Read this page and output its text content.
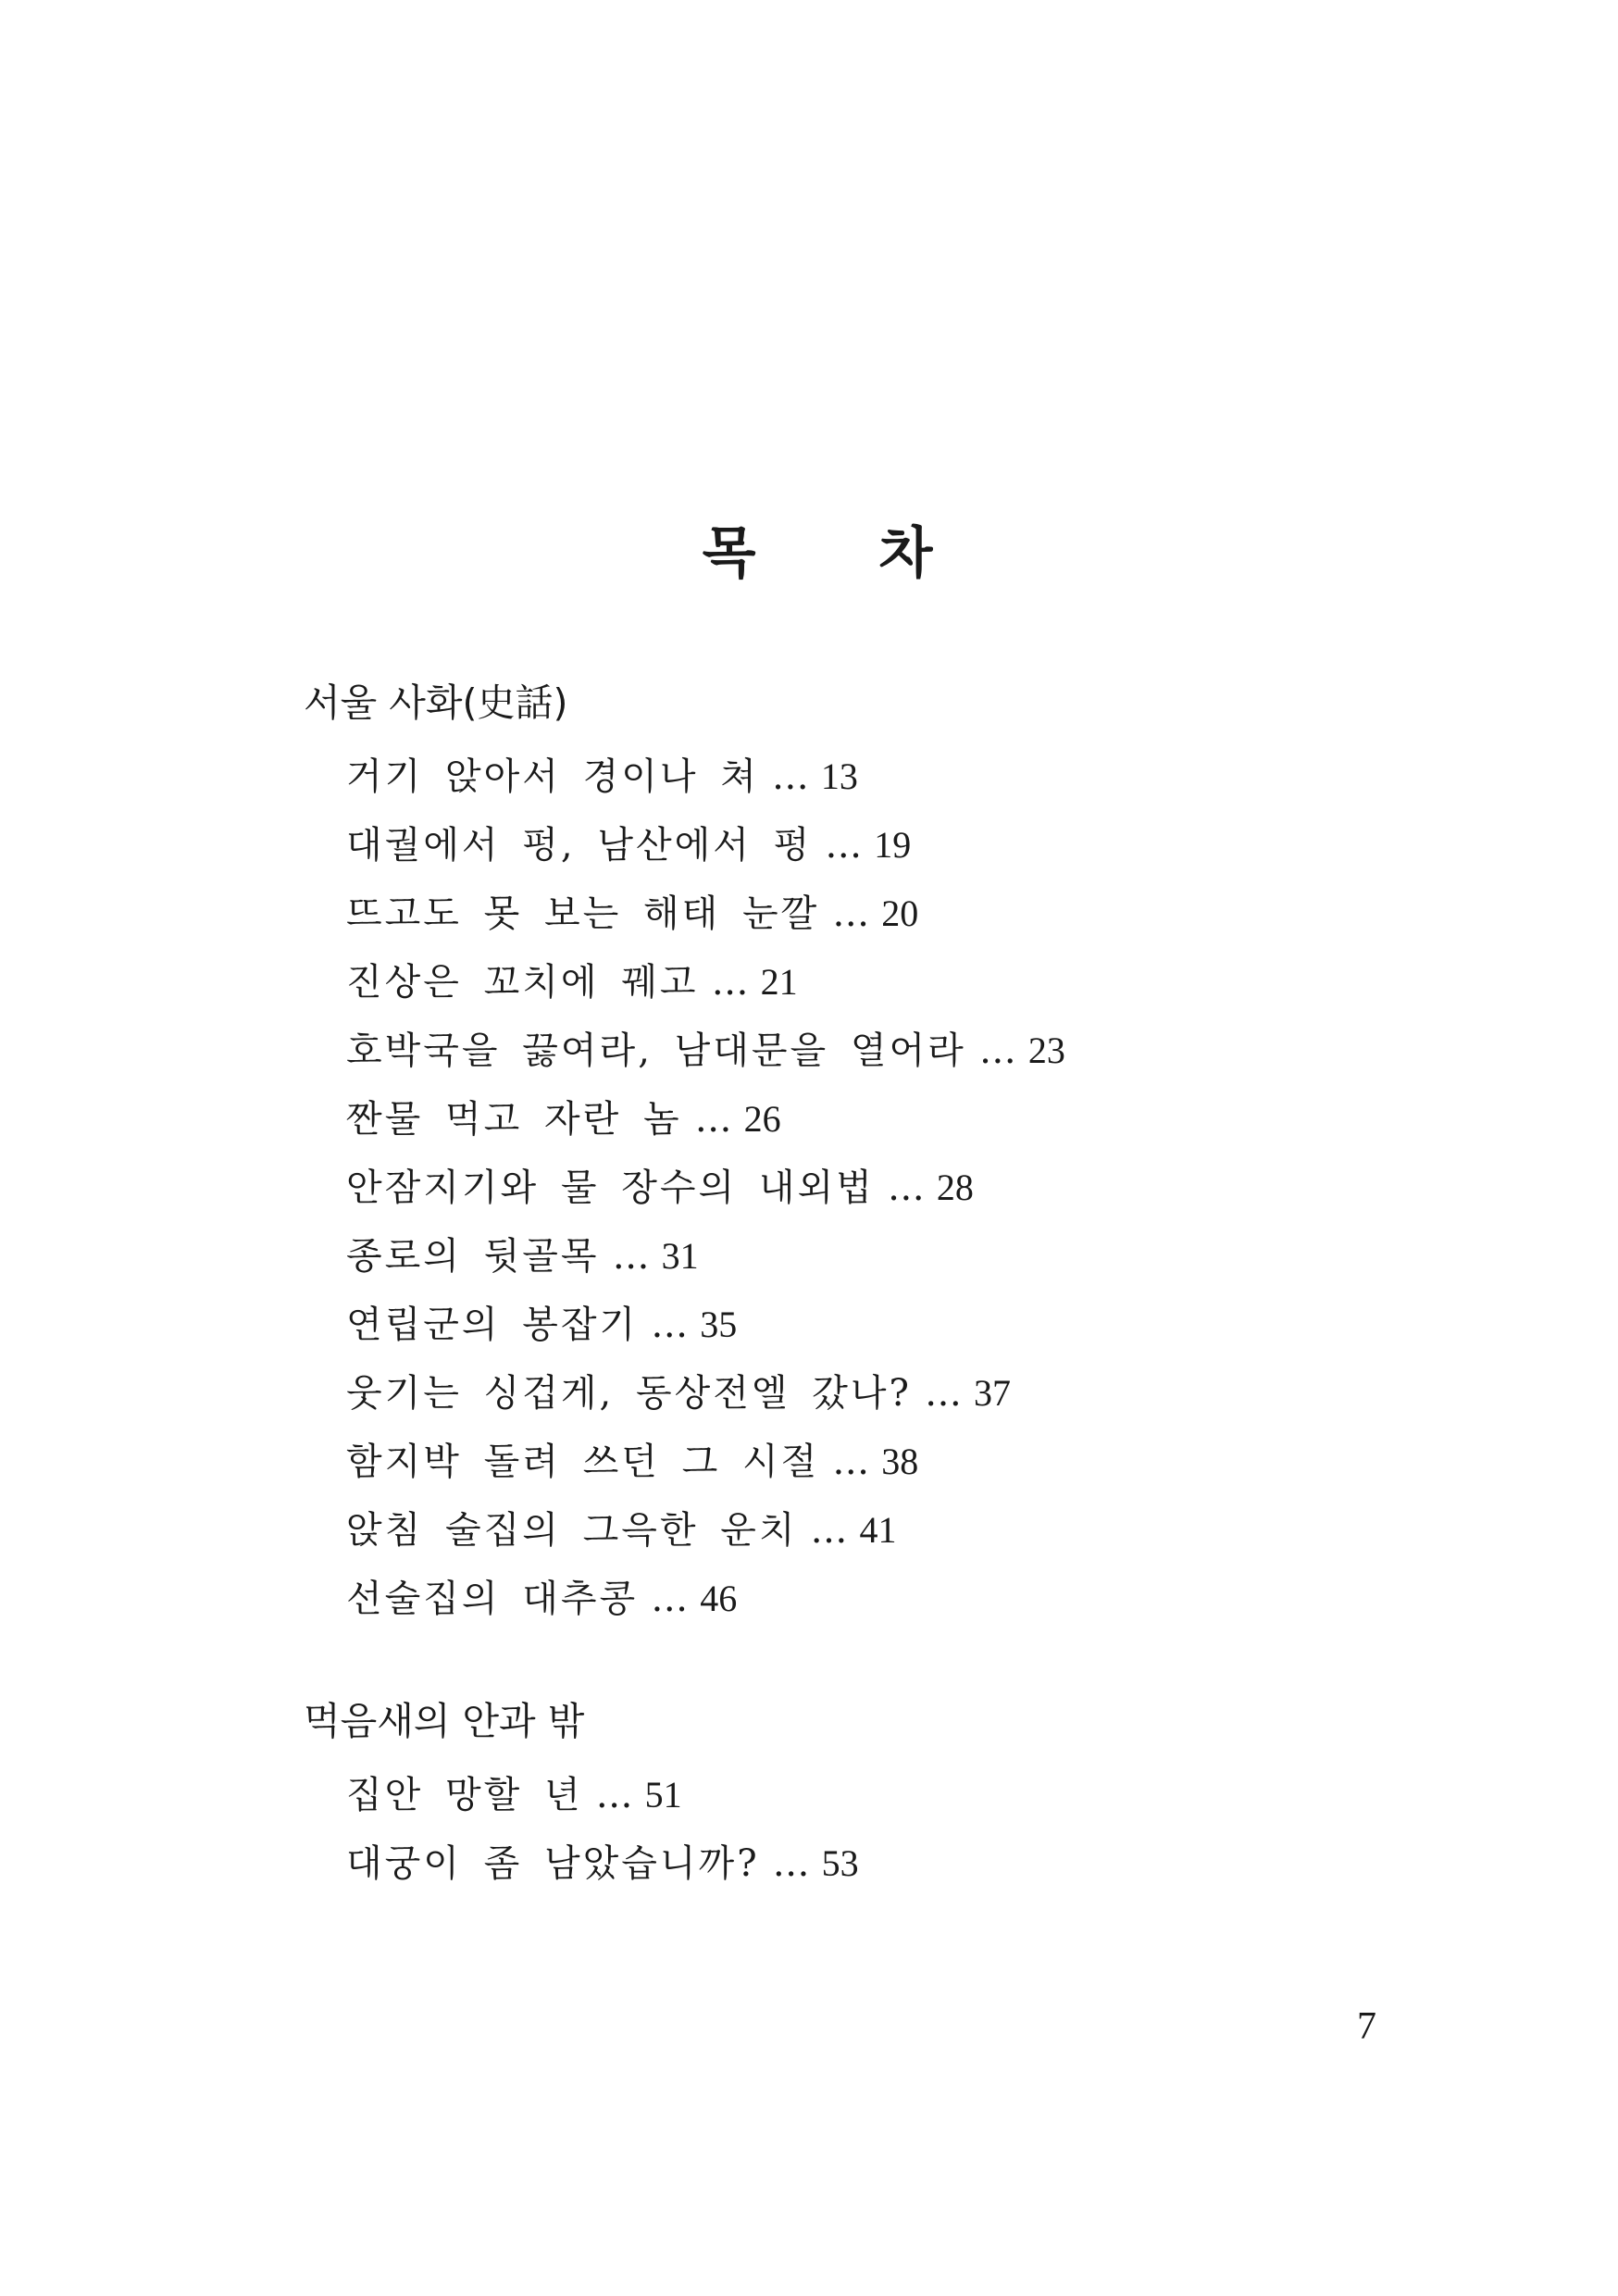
목 차
서울 사화(史話)
거기 앉아서 경이나 쳐 … 13
대궐에서 펑, 남산에서 펑 … 19
뜨고도 못 보는 해태 눈깔 … 20
진상은 꼬치에 꿰고 … 21
호박국을 끓여라, 남대문을 열어라 … 23
짠물 먹고 자란 놈 … 26
안잠지기와 물 장수의 내외법 … 28
종로의 뒷골목 … 31
연립군의 봉잡기 … 35
웃기는 싱겁게, 동상전엘 갔나? … 37
함지박 돌려 쓰던 그 시절 … 38
앉침 술집의 그윽한 운치 … 41
선술집의 대추콩 … 46
먹음새의 안과 밖
집안 망할 년 … 51
대궁이 좀 남았습니까? … 53
7
